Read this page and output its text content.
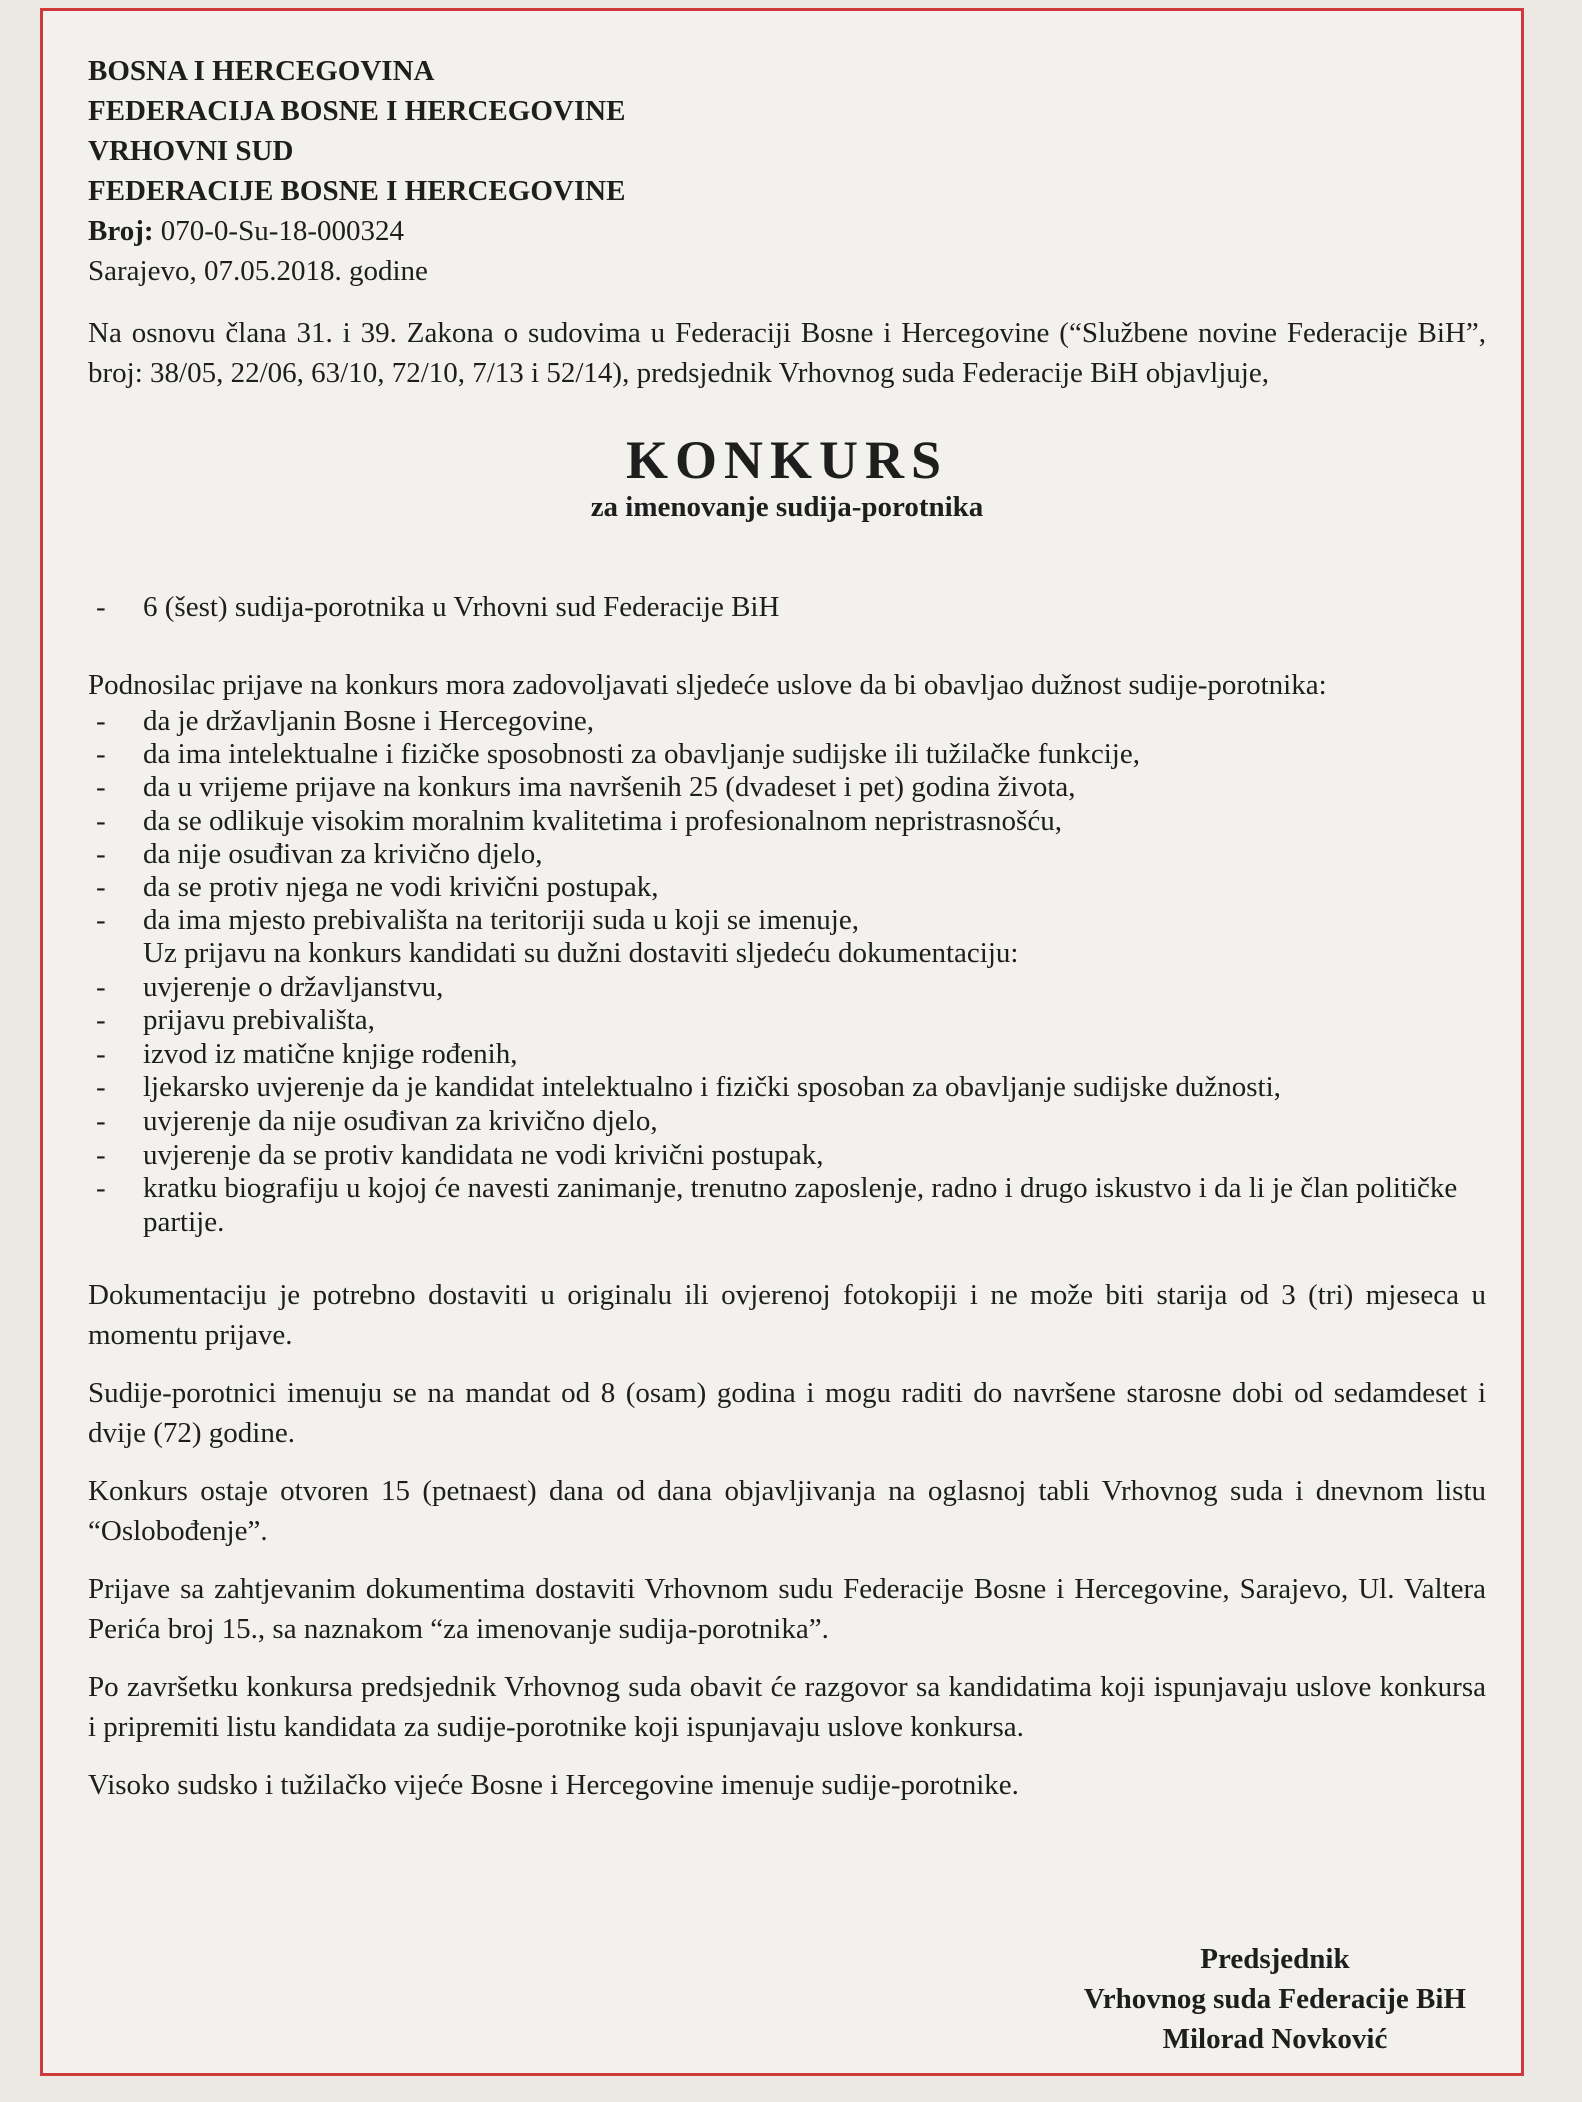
BOSNA I HERCEGOVINA
FEDERACIJA BOSNE I HERCEGOVINE
VRHOVNI SUD
FEDERACIJE BOSNE I HERCEGOVINE
Broj: 070-0-Su-18-000324
Sarajevo, 07.05.2018. godine
Na osnovu člana 31. i 39. Zakona o sudovima u Federaciji Bosne i Hercegovine (“Službene novine Federacije BiH”, broj: 38/05, 22/06, 63/10, 72/10, 7/13 i 52/14), predsjednik Vrhovnog suda Federacije BiH objavljuje,
KONKURS
za imenovanje sudija-porotnika
-	6 (šest) sudija-porotnika u Vrhovni sud Federacije BiH
Podnosilac prijave na konkurs mora zadovoljavati sljedeće uslove da bi obavljao dužnost sudije-porotnika:
-	da je državljanin Bosne i Hercegovine,
-	da ima intelektualne i fizičke sposobnosti za obavljanje sudijske ili tužilačke funkcije,
-	da u vrijeme prijave na konkurs ima navršenih 25 (dvadeset i pet) godina života,
-	da se odlikuje visokim moralnim kvalitetima i profesionalnom nepristrasnošću,
-	da nije osuđivan za krivično djelo,
-	da se protiv njega ne vodi krivični postupak,
-	da ima mjesto prebivališta na teritoriji suda u koji se imenuje,
Uz prijavu na konkurs kandidati su dužni dostaviti sljedeću dokumentaciju:
-	uvjerenje o državljanstvu,
-	prijavu prebivališta,
-	izvod iz matične knjige rođenih,
-	ljekarsko uvjerenje da je kandidat intelektualno i fizički sposoban za obavljanje sudijske dužnosti,
-	uvjerenje da nije osuđivan za krivično djelo,
-	uvjerenje da se protiv kandidata ne vodi krivični postupak,
-	kratku biografiju u kojoj će navesti zanimanje, trenutno zaposlenje, radno i drugo iskustvo i da li je član političke partije.
Dokumentaciju je potrebno dostaviti u originalu ili ovjerenoj fotokopiji i ne može biti starija od 3 (tri) mjeseca u momentu prijave.
Sudije-porotnici imenuju se na mandat od 8 (osam) godina i mogu raditi do navršene starosne dobi od sedamdeset i dvije (72) godine.
Konkurs ostaje otvoren 15 (petnaest) dana od dana objavljivanja na oglasnoj tabli Vrhovnog suda i dnevnom listu “Oslobođenje”.
Prijave sa zahtjevanim dokumentima dostaviti Vrhovnom sudu Federacije Bosne i Hercegovine, Sarajevo, Ul. Valtera Perića broj 15., sa naznakom “za imenovanje sudija-porotnika”.
Po završetku konkursa predsjednik Vrhovnog suda obavit će razgovor sa kandidatima koji ispunjavaju uslove konkursa i pripremiti listu kandidata za sudije-porotnike koji ispunjavaju uslove konkursa.
Visoko sudsko i tužilačko vijeće Bosne i Hercegovine imenuje sudije-porotnike.
Predsjednik
Vrhovnog suda Federacije BiH
Milorad Novković
